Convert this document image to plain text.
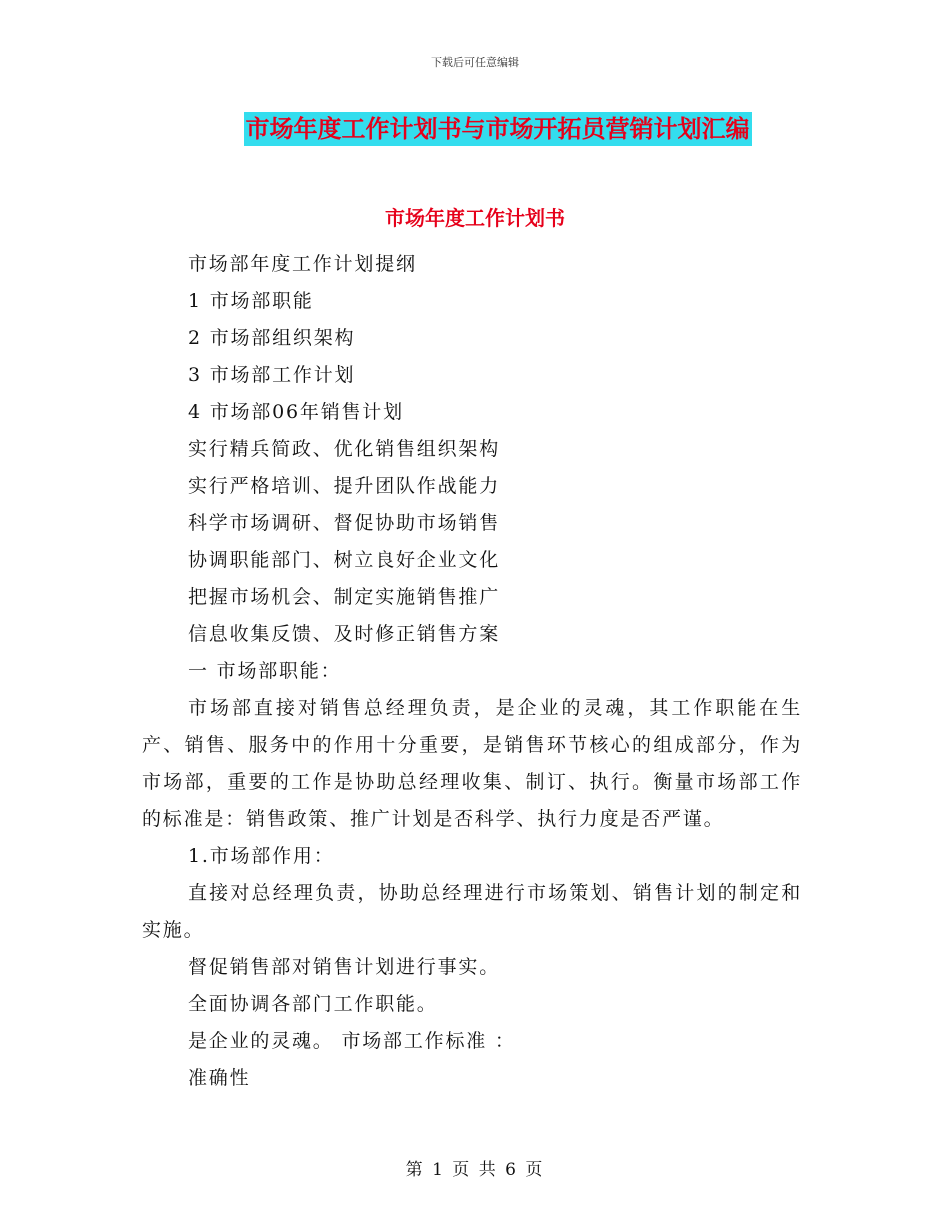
下载后可任意编辑
市场年度工作计划书与市场开拓员营销计划汇编
市场年度工作计划书
市场部年度工作计划提纲
1 市场部职能
2 市场部组织架构
3 市场部工作计划
4 市场部06年销售计划
实行精兵简政、优化销售组织架构
实行严格培训、提升团队作战能力
科学市场调研、督促协助市场销售
协调职能部门、树立良好企业文化
把握市场机会、制定实施销售推广
信息收集反馈、及时修正销售方案
一 市场部职能：

市场部直接对销售总经理负责，是企业的灵魂，其工作职能在生产、销售、服务中的作用十分重要，是销售环节核心的组成部分，作为市场部，重要的工作是协助总经理收集、制订、执行。衡量市场部工作的标准是：销售政策、推广计划是否科学、执行力度是否严谨。

1.市场部作用：

直接对总经理负责，协助总经理进行市场策划、销售计划的制定和实施。

督促销售部对销售计划进行事实。
全面协调各部门工作职能。
是企业的灵魂。 市场部工作标准 ：
准确性
第 1 页 共 6 页
